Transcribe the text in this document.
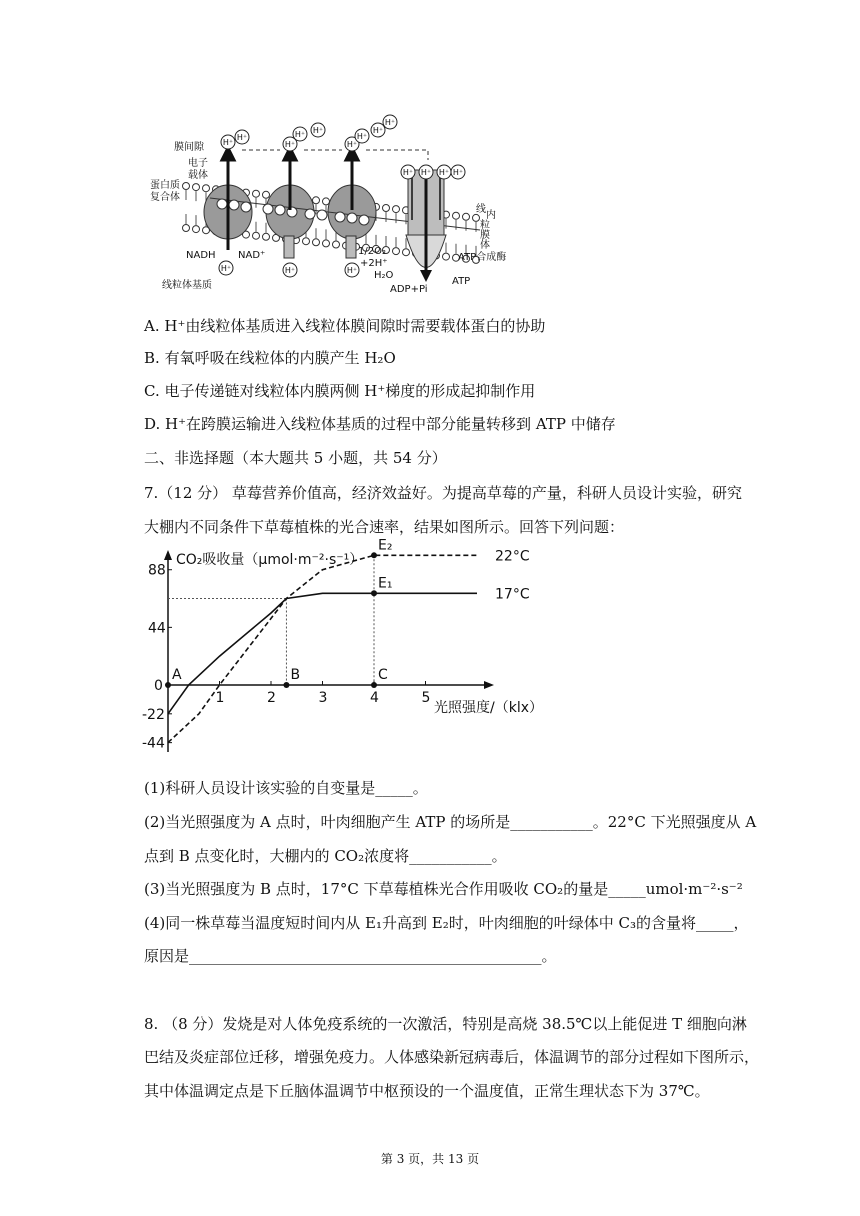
H⁺
H⁺
H⁺
H⁺ H⁺
H⁺
H⁺
H⁺
H⁺
H⁺ H⁺ H⁺ H⁺
H⁺	H⁺	H⁺
膜间隙
电子
载体
蛋白质
复合体
线
内
粒
膜
体
NADH NAD⁺	1/2O₂
+2H⁺
H₂O
ATP合成酶
ADP+Pi
ATP
线粒体基质
A. H⁺由线粒体基质进入线粒体膜间隙时需要载体蛋白的协助
B. 有氧呼吸在线粒体的内膜产生 H₂O
C. 电子传递链对线粒体内膜两侧 H⁺梯度的形成起抑制作用
D. H⁺在跨膜运输进入线粒体基质的过程中部分能量转移到 ATP 中储存
二、非选择题（本大题共 5 小题，共 54 分）
7.（12 分） 草莓营养价值高，经济效益好。为提高草莓的产量，科研人员设计实验，研究
大棚内不同条件下草莓植株的光合速率，结果如图所示。回答下列问题：
CO₂吸收量（μmol·m⁻²·s⁻¹）
光照强度/（klx）
1	2	3	4	5
88
44
0
-22
-44
22°C
17°C
A	B	C
E₁
E₂
(1)科研人员设计该实验的自变量是_____。
(2)当光照强度为 A 点时，叶肉细胞产生 ATP 的场所是___________。22°C 下光照强度从 A
点到 B 点变化时，大棚内的 CO₂浓度将___________。
(3)当光照强度为 B 点时，17°C 下草莓植株光合作用吸收 CO₂的量是_____umol·m⁻²·s⁻²
(4)同一株草莓当温度短时间内从 E₁升高到 E₂时，叶肉细胞的叶绿体中 C₃的含量将_____，
原因是_______________________________________________。
8. （8 分）发烧是对人体免疫系统的一次激活，特别是高烧 38.5℃以上能促进 T 细胞向淋
巴结及炎症部位迁移，增强免疫力。人体感染新冠病毒后，体温调节的部分过程如下图所示，
其中体温调定点是下丘脑体温调节中枢预设的一个温度值，正常生理状态下为 37℃。
第 3 页，共 13 页
